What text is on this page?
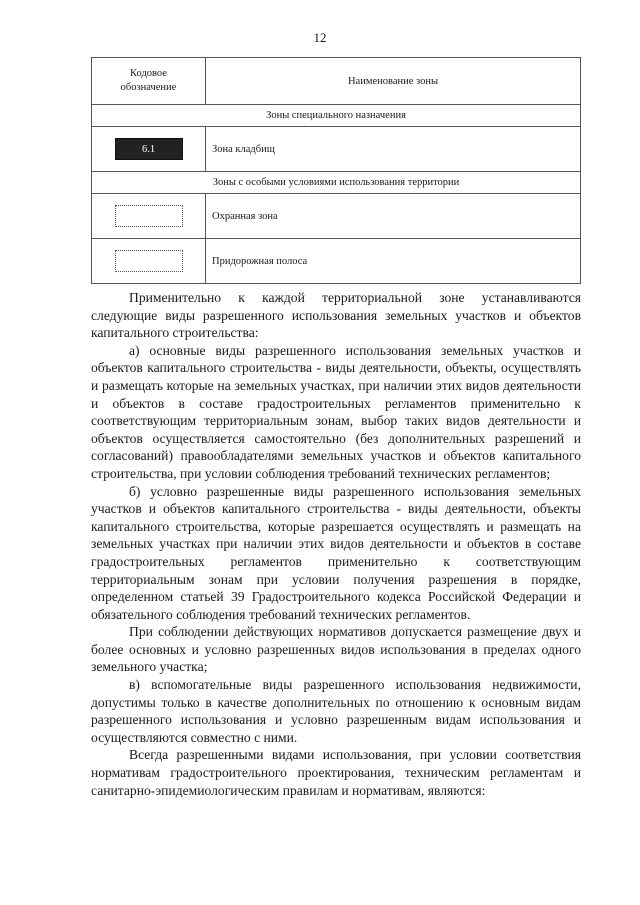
12
Кодовое
обозначение	Наименование зоны
Зоны специального назначения	
6.1	Зона кладбищ
Зоны с особыми условиями использования территории	
	Охранная зона
	Придорожная полоса

Применительно к каждой территориальной зоне устанавливаются следующие виды разрешенного использования земельных участков и объектов капитального строительства:

а) основные виды разрешенного использования земельных участков и объектов капитального строительства - виды деятельности, объекты, осуществлять и размещать которые на земельных участках, при наличии этих видов деятельности и объектов в составе градостроительных регламентов применительно к соответствующим территориальным зонам, выбор таких видов деятельности и объектов осуществляется самостоятельно (без дополнительных разрешений и согласований) правообладателями земельных участков и объектов капитального строительства, при условии соблюдения требований технических регламентов;

б) условно разрешенные виды разрешенного использования земельных участков и объектов капитального строительства - виды деятельности, объекты капитального строительства, которые разрешается осуществлять и размещать на земельных участках при наличии этих видов деятельности и объектов в составе градостроительных регламентов применительно к соответствующим территориальным зонам при условии получения разрешения в порядке, определенном статьей 39 Градостроительного кодекса Российской Федерации и обязательного соблюдения требований технических регламентов.

При соблюдении действующих нормативов допускается размещение двух и более основных и условно разрешенных видов использования в пределах одного земельного участка;

в) вспомогательные виды разрешенного использования недвижимости, допустимы только в качестве дополнительных по отношению к основным видам разрешенного использования и условно разрешенным видам использования и осуществляются совместно с ними.

Всегда разрешенными видами использования, при условии соответствия нормативам градостроительного проектирования, техническим регламентам и санитарно-эпидемиологическим правилам и нормативам, являются:
